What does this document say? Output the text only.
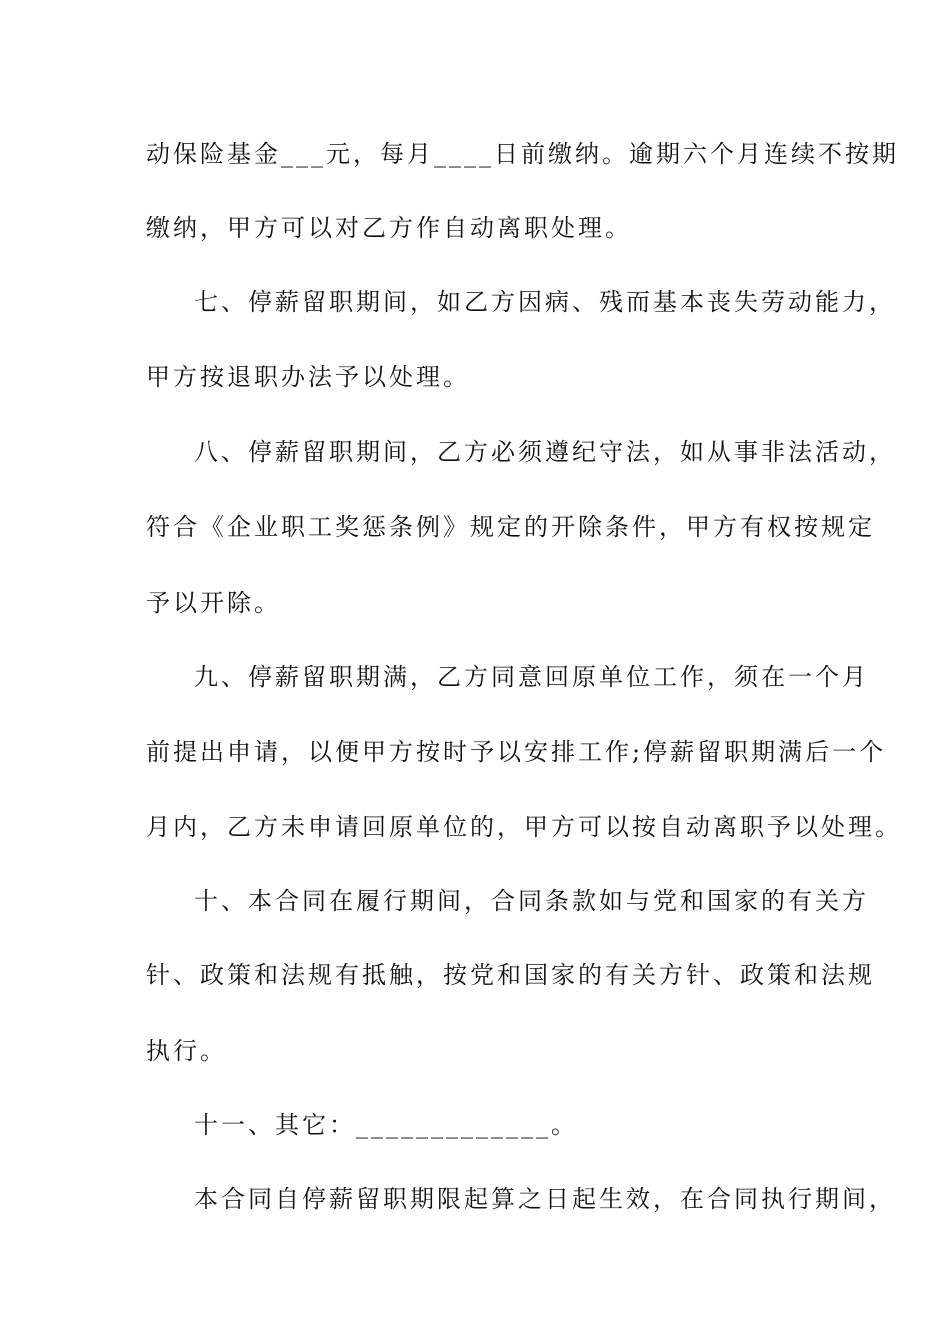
动保险基金___元，每月____日前缴纳。逾期六个月连续不按期
缴纳，甲方可以对乙方作自动离职处理。
七、停薪留职期间，如乙方因病、残而基本丧失劳动能力，
甲方按退职办法予以处理。
八、停薪留职期间，乙方必须遵纪守法，如从事非法活动，
符合《企业职工奖惩条例》规定的开除条件，甲方有权按规定
予以开除。
九、停薪留职期满，乙方同意回原单位工作，须在一个月
前提出申请，以便甲方按时予以安排工作;停薪留职期满后一个
月内，乙方未申请回原单位的，甲方可以按自动离职予以处理。
十、本合同在履行期间，合同条款如与党和国家的有关方
针、政策和法规有抵触，按党和国家的有关方针、政策和法规
执行。
十一、其它：_____________。
本合同自停薪留职期限起算之日起生效，在合同执行期间，
